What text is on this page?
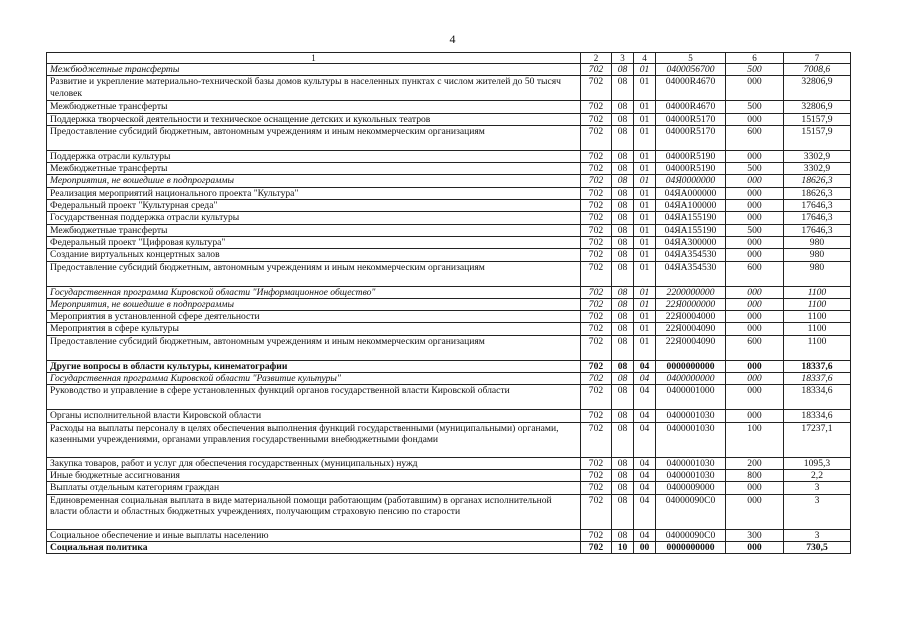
4
1	2	3	4	5	6	7
Межбюджетные трансферты	702	08	01	0400056700	500	7008,6
Развитие и укрепление материально-технической базы домов культуры в населенных пунктах с числом жителей до 50 тысяч человек	702	08	01	04000R4670	000	32806,9
Межбюджетные трансферты	702	08	01	04000R4670	500	32806,9
Поддержка творческой деятельности и техническое оснащение детских и кукольных театров	702	08	01	04000R5170	000	15157,9
Предоставление субсидий бюджетным, автономным учреждениям и иным некоммерческим организациям	702	08	01	04000R5170	600	15157,9
Поддержка отрасли культуры	702	08	01	04000R5190	000	3302,9
Межбюджетные трансферты	702	08	01	04000R5190	500	3302,9
Мероприятия, не вошедшие в подпрограммы	702	08	01	04Я0000000	000	18626,3
Реализация мероприятий национального проекта "Культура"	702	08	01	04ЯA000000	000	18626,3
Федеральный проект "Культурная среда"	702	08	01	04ЯA100000	000	17646,3
Государственная поддержка отрасли культуры	702	08	01	04ЯA155190	000	17646,3
Межбюджетные трансферты	702	08	01	04ЯA155190	500	17646,3
Федеральный проект "Цифровая культура"	702	08	01	04ЯA300000	000	980
Создание виртуальных концертных залов	702	08	01	04ЯA354530	000	980
Предоставление субсидий бюджетным, автономным учреждениям и иным некоммерческим организациям	702	08	01	04ЯA354530	600	980
Государственная программа Кировской области "Информационное общество"	702	08	01	2200000000	000	1100
Мероприятия, не вошедшие в подпрограммы	702	08	01	22Я0000000	000	1100
Мероприятия в установленной сфере деятельности	702	08	01	22Я0004000	000	1100
Мероприятия в сфере культуры	702	08	01	22Я0004090	000	1100
Предоставление субсидий бюджетным, автономным учреждениям и иным некоммерческим организациям	702	08	01	22Я0004090	600	1100
Другие вопросы в области культуры, кинематографии	702	08	04	0000000000	000	18337,6
Государственная программа Кировской области "Развитие культуры"	702	08	04	0400000000	000	18337,6
Руководство и управление в сфере установленных функций органов государственной власти Кировской области	702	08	04	0400001000	000	18334,6
Органы исполнительной власти Кировской области	702	08	04	0400001030	000	18334,6
Расходы на выплаты персоналу в целях обеспечения выполнения функций государственными (муниципальными) органами, казенными учреждениями, органами управления государственными внебюджетными фондами	702	08	04	0400001030	100	17237,1
Закупка товаров, работ и услуг для обеспечения государственных (муниципальных) нужд	702	08	04	0400001030	200	1095,3
Иные бюджетные ассигнования	702	08	04	0400001030	800	2,2
Выплаты отдельным категориям граждан	702	08	04	0400009000	000	3
Единовременная социальная выплата в виде материальной помощи работающим (работавшим) в органах исполнительной власти области и областных бюджетных учреждениях, получающим страховую пенсию по старости	702	08	04	04000090С0	000	3
Социальное обеспечение и иные выплаты населению	702	08	04	04000090С0	300	3
Социальная политика	702	10	00	0000000000	000	730,5
